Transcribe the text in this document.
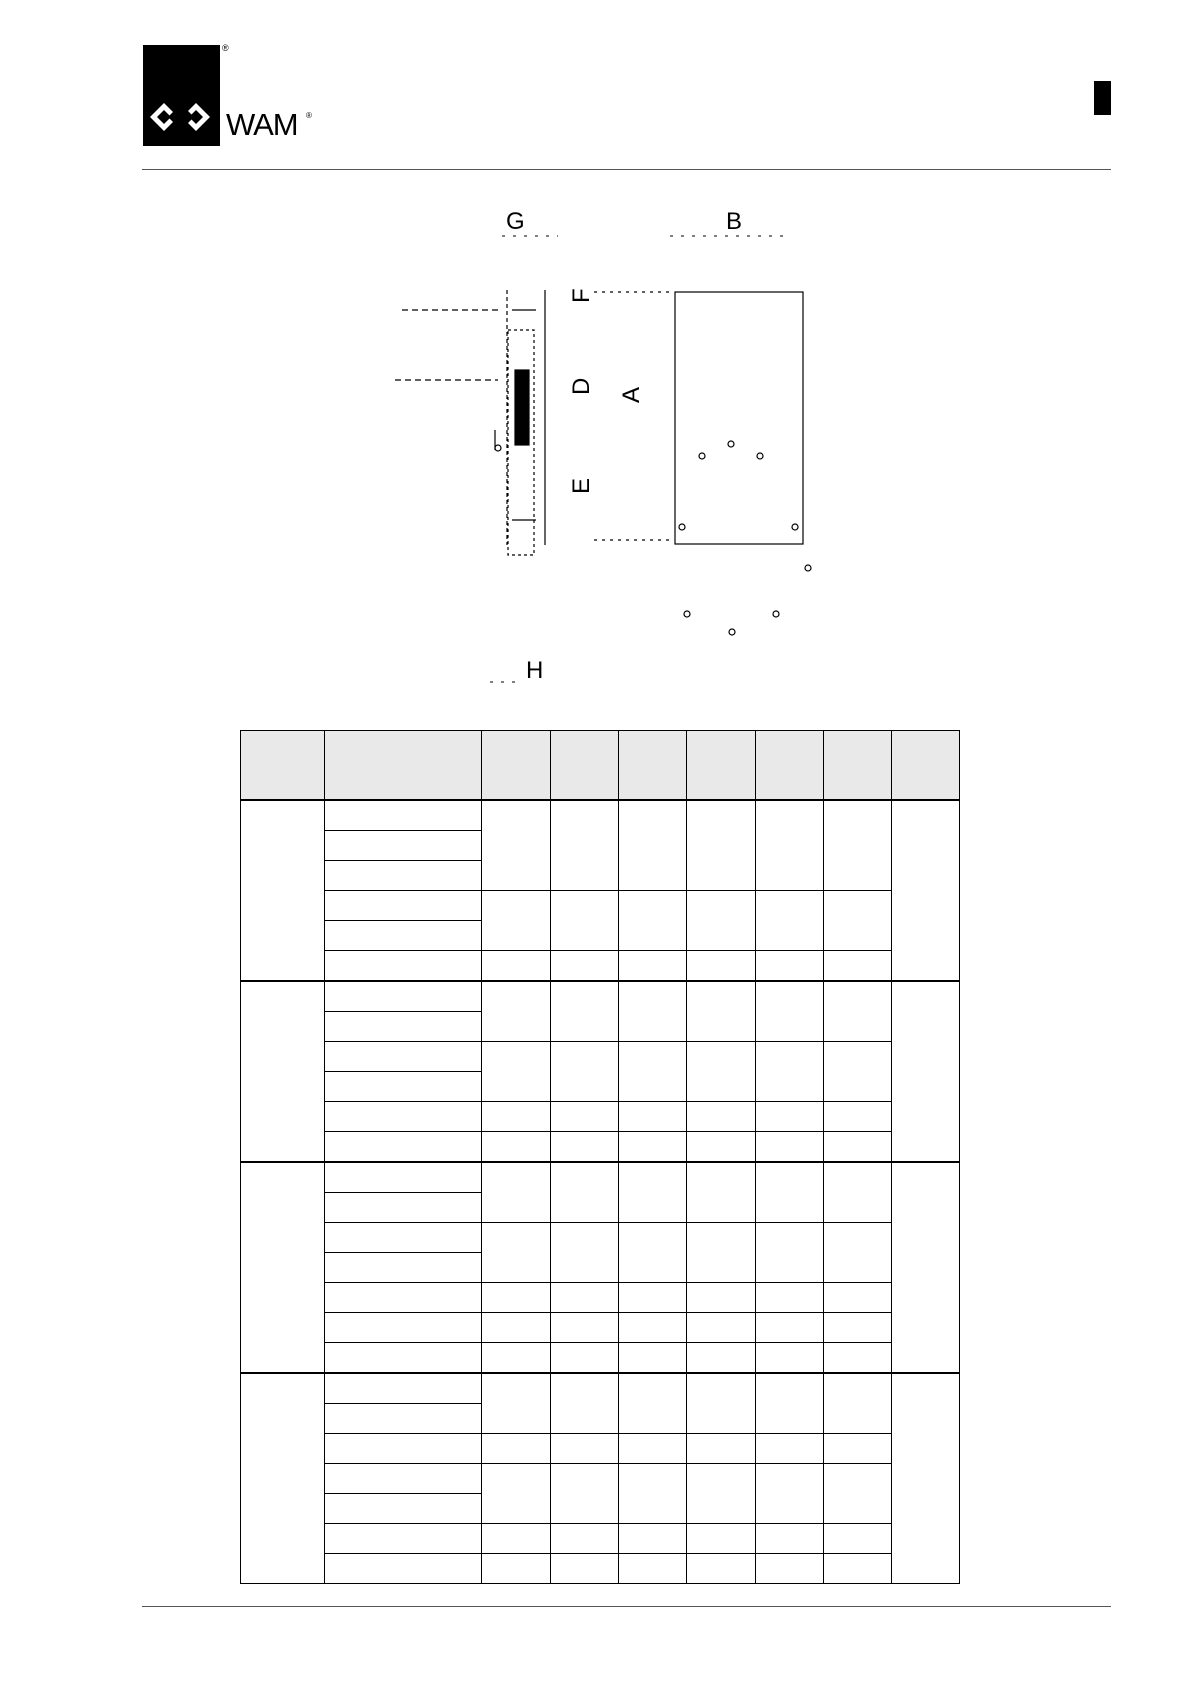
®
WAM ®
G	B
F
D A
E
H
